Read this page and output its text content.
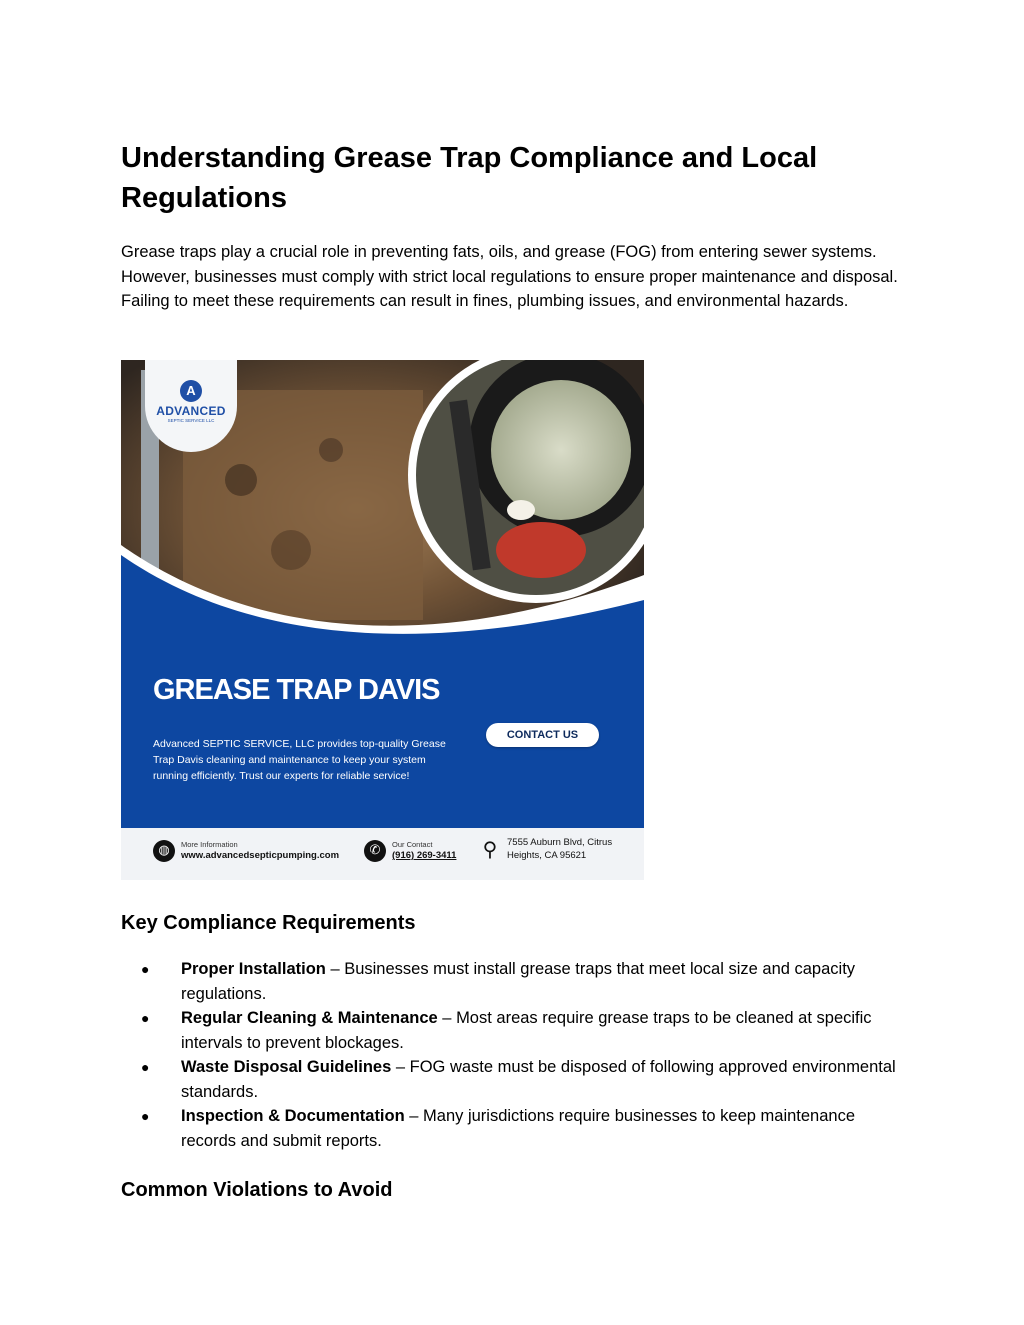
Understanding Grease Trap Compliance and Local Regulations

Grease traps play a crucial role in preventing fats, oils, and grease (FOG) from entering sewer systems. However, businesses must comply with strict local regulations to ensure proper maintenance and disposal. Failing to meet these requirements can result in fines, plumbing issues, and environmental hazards.

A
ADVANCED
SEPTIC SERVICE LLC
GREASE TRAP DAVIS
Advanced SEPTIC SERVICE, LLC provides top-quality Grease Trap Davis cleaning and maintenance to keep your system running efficiently. Trust our experts for reliable service!
CONTACT US
◍	More Information
www.advancedsepticpumping.com	✆	Our Contact
(916) 269-3411 ⚲	7555 Auburn Blvd, Citrus
Heights, CA 95621
Key Compliance Requirements
● Proper Installation – Businesses must install grease traps that meet local size and capacity regulations.
● Regular Cleaning & Maintenance – Most areas require grease traps to be cleaned at specific intervals to prevent blockages.
● Waste Disposal Guidelines – FOG waste must be disposed of following approved environmental standards.
● Inspection & Documentation – Many jurisdictions require businesses to keep maintenance records and submit reports.
Common Violations to Avoid
